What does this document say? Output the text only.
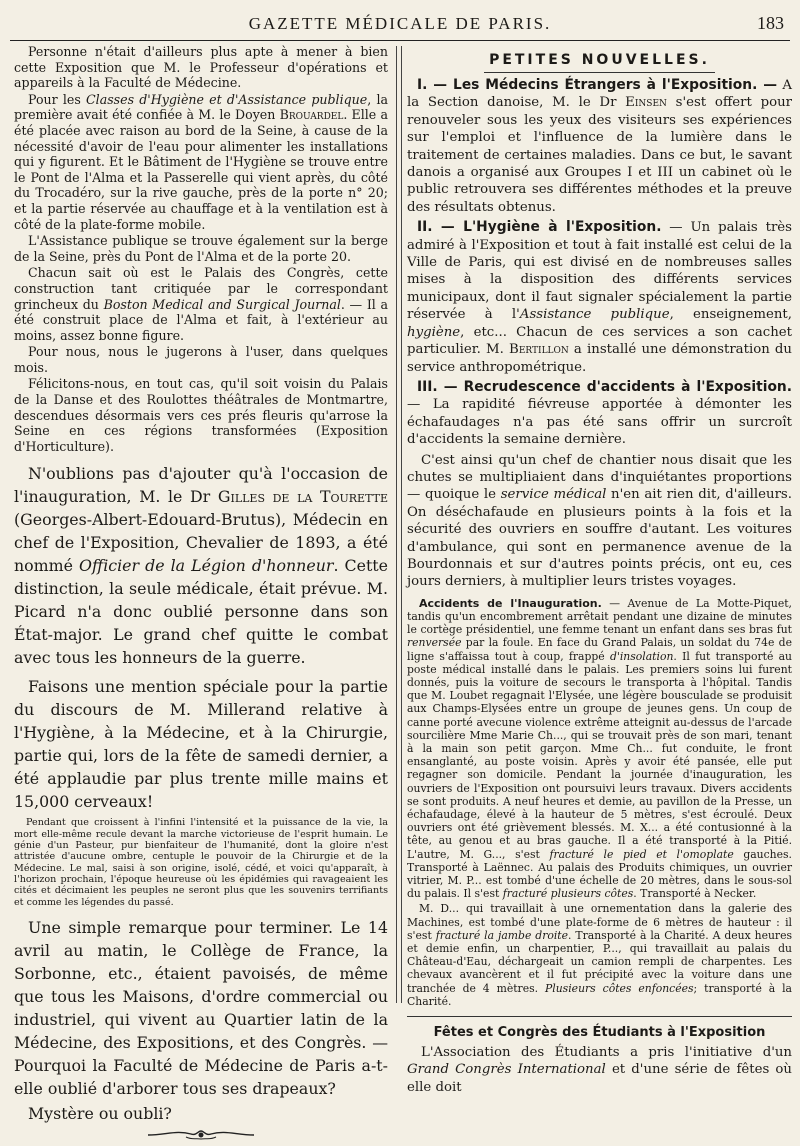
GAZETTE MÉDICALE DE PARIS.	183

Personne n'était d'ailleurs plus apte à mener à bien cette Exposition que M. le Professeur d'opérations et appareils à la Faculté de Médecine.

Pour les Classes d'Hygiène et d'Assistance publique, la première avait été confiée à M. le Doyen Brouardel. Elle a été placée avec raison au bord de la Seine, à cause de la nécessité d'avoir de l'eau pour alimenter les installations qui y figurent. Et le Bâtiment de l'Hygiène se trouve entre le Pont de l'Alma et la Passerelle qui vient après, du côté du Trocadéro, sur la rive gauche, près de la porte n° 20; et la partie réservée au chauffage et à la ventilation est à côté de la plate-forme mobile.

L'Assistance publique se trouve également sur la berge de la Seine, près du Pont de l'Alma et de la porte 20.

Chacun sait où est le Palais des Congrès, cette construction tant critiquée par le correspondant grincheux du Boston Medical and Surgical Journal. — Il a été construit place de l'Alma et fait, à l'extérieur au moins, assez bonne figure.

Pour nous, nous le jugerons à l'user, dans quelques mois.

Félicitons-nous, en tout cas, qu'il soit voisin du Palais de la Danse et des Roulottes théâtrales de Montmartre, descendues désormais vers ces prés fleuris qu'arrose la Seine en ces régions transformées (Exposition d'Horticulture).

N'oublions pas d'ajouter qu'à l'occasion de l'inauguration, M. le Dr Gilles de la Tourette (Georges-Albert-Edouard-Brutus), Médecin en chef de l'Exposition, Chevalier de 1893, a été nommé Officier de la Légion d'honneur. Cette distinction, la seule médicale, était prévue. M. Picard n'a donc oublié personne dans son État-major. Le grand chef quitte le combat avec tous les honneurs de la guerre.

Faisons une mention spéciale pour la partie du discours de M. Millerand relative à l'Hygiène, à la Médecine, et à la Chirurgie, partie qui, lors de la fête de samedi dernier, a été applaudie par plus trente mille mains et 15,000 cerveaux!

Pendant que croissent à l'infini l'intensité et la puissance de la vie, la mort elle-même recule devant la marche victorieuse de l'esprit humain. Le génie d'un Pasteur, pur bienfaiteur de l'humanité, dont la gloire n'est attristée d'aucune ombre, centuple le pouvoir de la Chirurgie et de la Médecine. Le mal, saisi à son origine, isolé, cédé, et voici qu'apparaît, à l'horizon prochain, l'époque heureuse où les épidémies qui ravageaient les cités et décimaient les peuples ne seront plus que les souvenirs terrifiants et comme les légendes du passé.

Une simple remarque pour terminer. Le 14 avril au matin, le Collège de France, la Sorbonne, etc., étaient pavoisés, de même que tous les Maisons, d'ordre commercial ou industriel, qui vivent au Quartier latin de la Médecine, des Expositions, et des Congrès. — Pourquoi la Faculté de Médecine de Paris a-t-elle oublié d'arborer tous ses drapeaux?

Mystère ou oubli?

PETITES NOUVELLES.

I. — Les Médecins Étrangers à l'Exposition. — A la Section danoise, M. le Dr Einsen s'est offert pour renouveler sous les yeux des visiteurs ses expériences sur l'emploi et l'influence de la lumière dans le traitement de certaines maladies. Dans ce but, le savant danois a organisé aux Groupes I et III un cabinet où le public retrouvera ses différentes méthodes et la preuve des résultats obtenus.

II. — L'Hygiène à l'Exposition. — Un palais très admiré à l'Exposition et tout à fait installé est celui de la Ville de Paris, qui est divisé en de nombreuses salles mises à la disposition des différents services municipaux, dont il faut signaler spécialement la partie réservée à l'Assistance publique, enseignement, hygiène, etc... Chacun de ces services a son cachet particulier. M. Bertillon a installé une démonstration du service anthropométrique.

III. — Recrudescence d'accidents à l'Exposition. — La rapidité fiévreuse apportée à démonter les échafaudages n'a pas été sans offrir un surcroît d'accidents la semaine dernière.

C'est ainsi qu'un chef de chantier nous disait que les chutes se multipliaient dans d'inquiétantes proportions — quoique le service médical n'en ait rien dit, d'ailleurs. On déséchafaude en plusieurs points à la fois et la sécurité des ouvriers en souffre d'autant. Les voitures d'ambulance, qui sont en permanence avenue de la Bourdonnais et sur d'autres points précis, ont eu, ces jours derniers, à multiplier leurs tristes voyages.

Accidents de l'Inauguration. — Avenue de La Motte-Piquet, tandis qu'un encombrement arrêtait pendant une dizaine de minutes le cortège présidentiel, une femme tenant un enfant dans ses bras fut renversée par la foule. En face du Grand Palais, un soldat du 74e de ligne s'affaissa tout à coup, frappé d'insolation. Il fut transporté au poste médical installé dans le palais. Les premiers soins lui furent donnés, puis la voiture de secours le transporta à l'hôpital. Tandis que M. Loubet regagnait l'Elysée, une légère bousculade se produisit aux Champs-Elysées entre un groupe de jeunes gens. Un coup de canne porté avecune violence extrême atteignit au-dessus de l'arcade sourcilière Mme Marie Ch..., qui se trouvait près de son mari, tenant à la main son petit garçon. Mme Ch... fut conduite, le front ensanglanté, au poste voisin. Après y avoir été pansée, elle put regagner son domicile. Pendant la journée d'inauguration, les ouvriers de l'Exposition ont poursuivi leurs travaux. Divers accidents se sont produits. A neuf heures et demie, au pavillon de la Presse, un échafaudage, élevé à la hauteur de 5 mètres, s'est écroulé. Deux ouvriers ont été grièvement blessés. M. X... a été contusionné à la tête, au genou et au bras gauche. Il a été transporté à la Pitié. L'autre, M. G..., s'est fracturé le pied et l'omoplate gauches. Transporté à Laënnec. Au palais des Produits chimiques, un ouvrier vitrier, M. P... est tombé d'une échelle de 20 mètres, dans le sous-sol du palais. Il s'est fracturé plusieurs côtes. Transporté à Necker.

M. D... qui travaillait à une ornementation dans la galerie des Machines, est tombé d'une plate-forme de 6 mètres de hauteur : il s'est fracturé la jambe droite. Transporté à la Charité. A deux heures et demie enfin, un charpentier, P..., qui travaillait au palais du Château-d'Eau, déchargeait un camion rempli de charpentes. Les chevaux avancèrent et il fut précipité avec la voiture dans une tranchée de 4 mètres. Plusieurs côtes enfoncées; transporté à la Charité.

Fêtes et Congrès des Étudiants à l'Exposition

L'Association des Étudiants a pris l'initiative d'un Grand Congrès International et d'une série de fêtes où elle doit
